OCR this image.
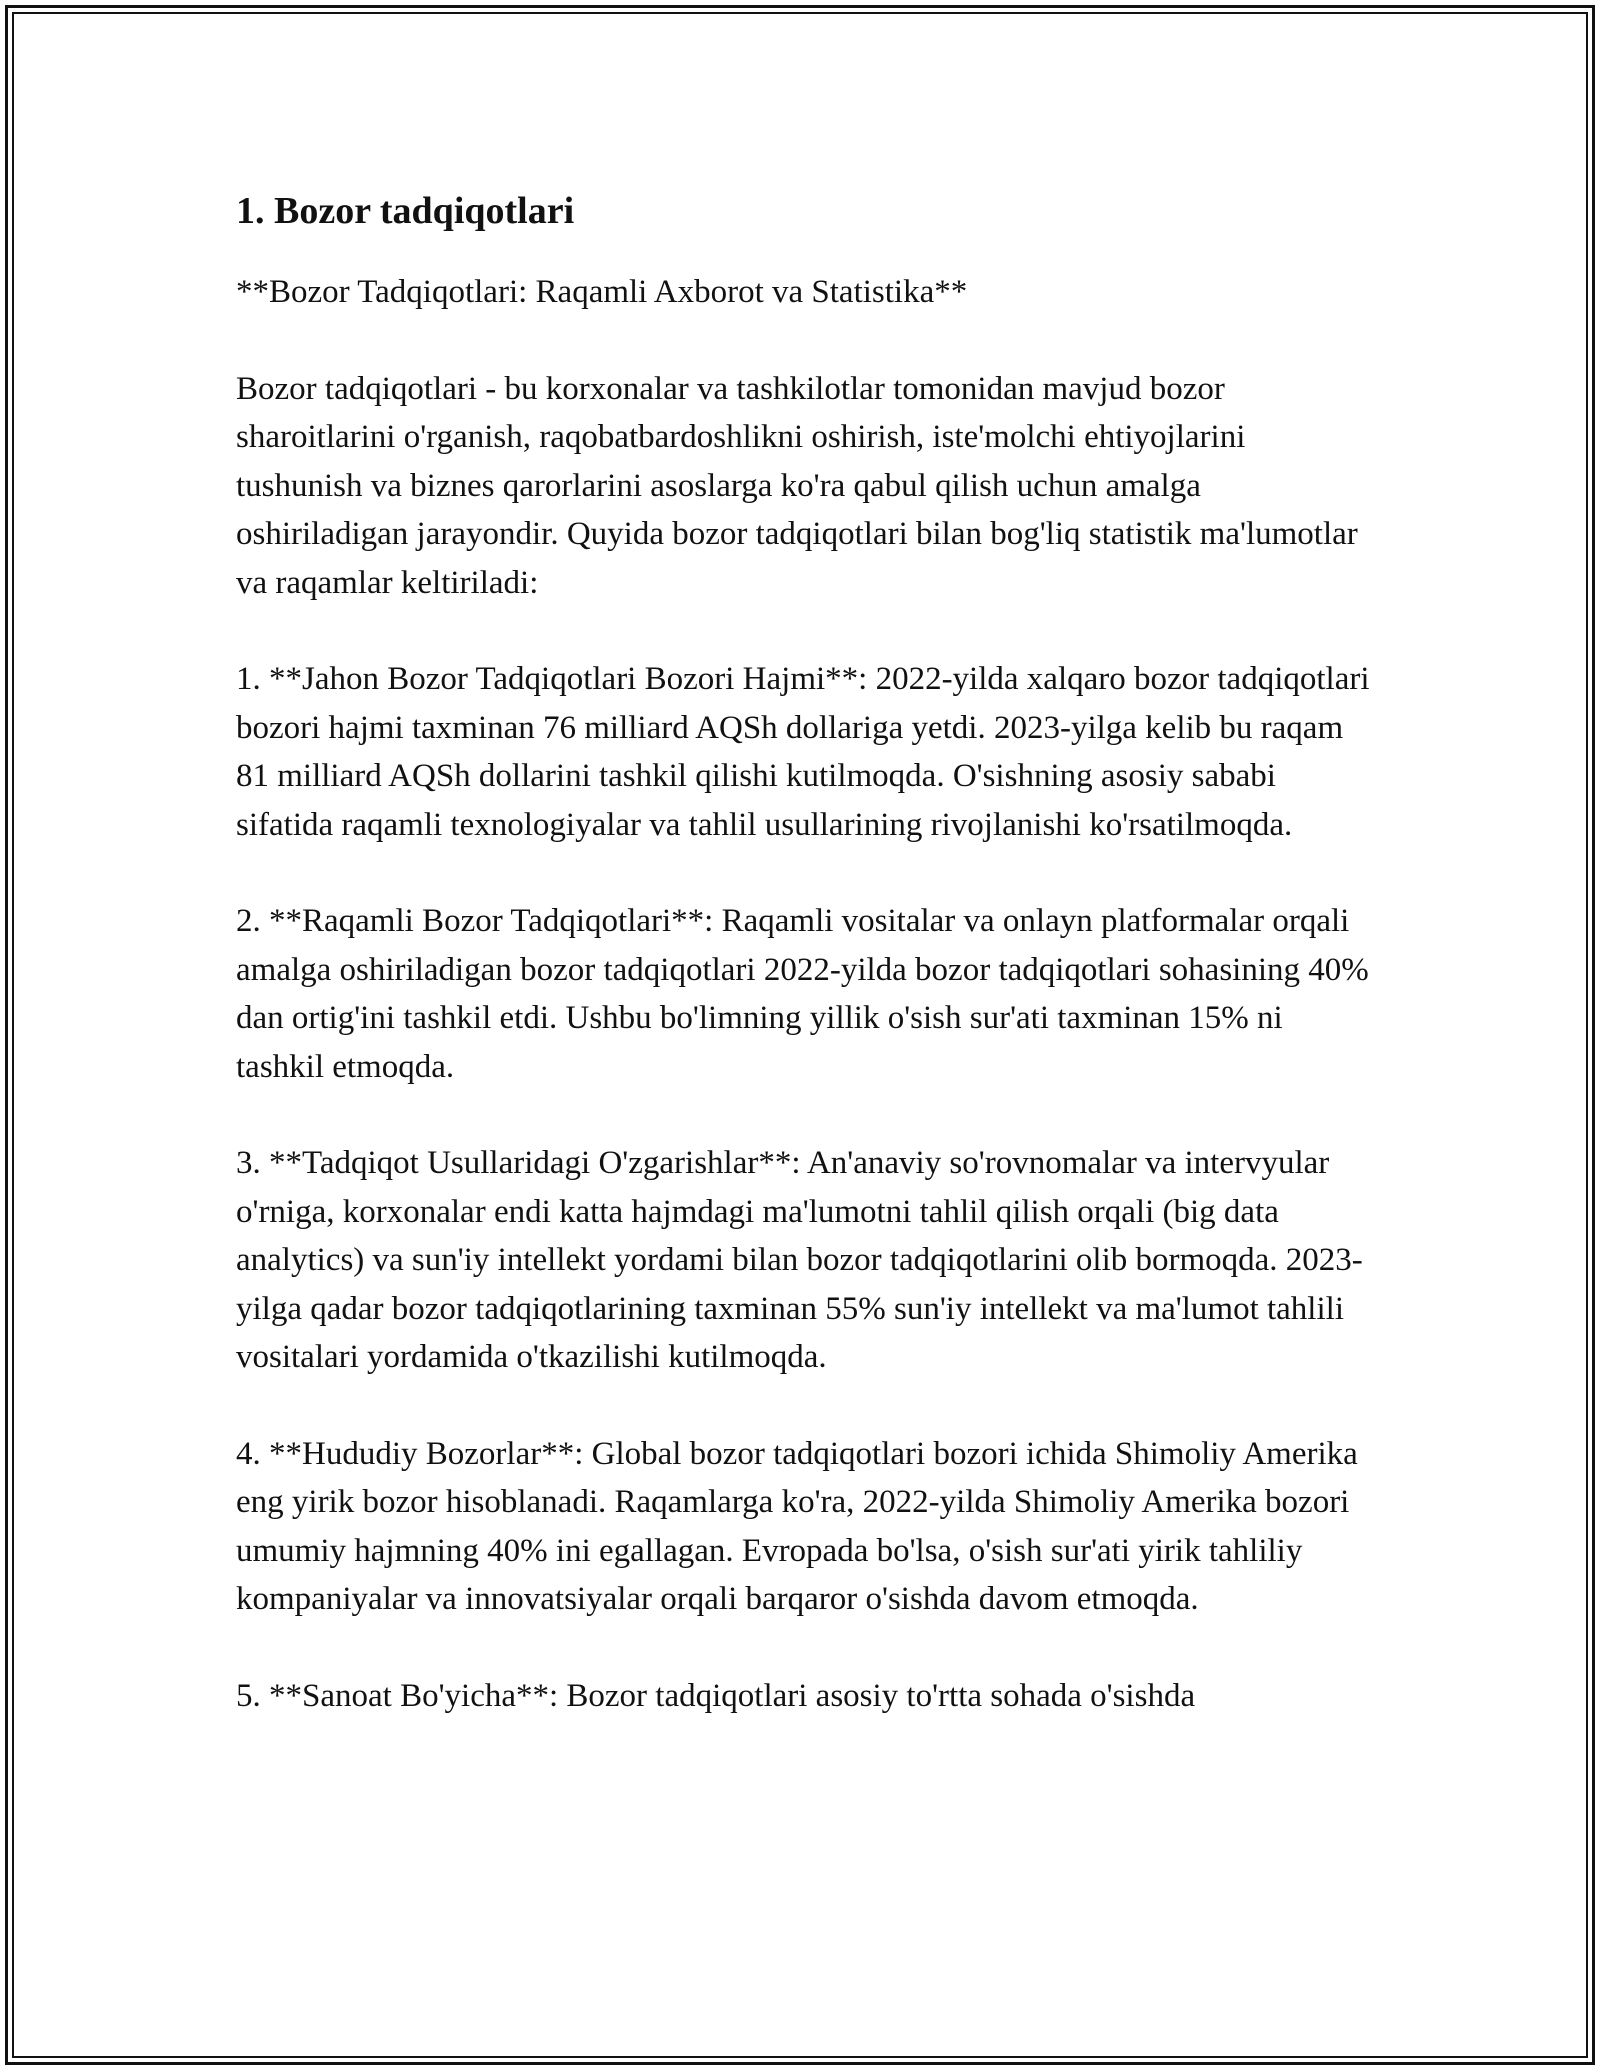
1. Bozor tadqiqotlari

**Bozor Tadqiqotlari: Raqamli Axborot va Statistika**

Bozor tadqiqotlari - bu korxonalar va tashkilotlar tomonidan mavjud bozor sharoitlarini o'rganish, raqobatbardoshlikni oshirish, iste'molchi ehtiyojlarini tushunish va biznes qarorlarini asoslarga ko'ra qabul qilish uchun amalga oshiriladigan jarayondir. Quyida bozor tadqiqotlari bilan bog'liq statistik ma'lumotlar va raqamlar keltiriladi:

1. **Jahon Bozor Tadqiqotlari Bozori Hajmi**: 2022-yilda xalqaro bozor tadqiqotlari bozori hajmi taxminan 76 milliard AQSh dollariga yetdi. 2023-yilga kelib bu raqam 81 milliard AQSh dollarini tashkil qilishi kutilmoqda. O'sishning asosiy sababi sifatida raqamli texnologiyalar va tahlil usullarining rivojlanishi ko'rsatilmoqda.

2. **Raqamli Bozor Tadqiqotlari**: Raqamli vositalar va onlayn platformalar orqali amalga oshiriladigan bozor tadqiqotlari 2022-yilda bozor tadqiqotlari sohasining 40% dan ortig'ini tashkil etdi. Ushbu bo'limning yillik o'sish sur'ati taxminan 15% ni tashkil etmoqda.

3. **Tadqiqot Usullaridagi O'zgarishlar**: An'anaviy so'rovnomalar va intervyular o'rniga, korxonalar endi katta hajmdagi ma'lumotni tahlil qilish orqali (big data analytics) va sun'iy intellekt yordami bilan bozor tadqiqotlarini olib bormoqda. 2023-yilga qadar bozor tadqiqotlarining taxminan 55% sun'iy intellekt va ma'lumot tahlili vositalari yordamida o'tkazilishi kutilmoqda.

4. **Hududiy Bozorlar**: Global bozor tadqiqotlari bozori ichida Shimoliy Amerika eng yirik bozor hisoblanadi. Raqamlarga ko'ra, 2022-yilda Shimoliy Amerika bozori umumiy hajmning 40% ini egallagan. Evropada bo'lsa, o'sish sur'ati yirik tahliliy kompaniyalar va innovatsiyalar orqali barqaror o'sishda davom etmoqda.

5. **Sanoat Bo'yicha**: Bozor tadqiqotlari asosiy to'rtta sohada o'sishda
